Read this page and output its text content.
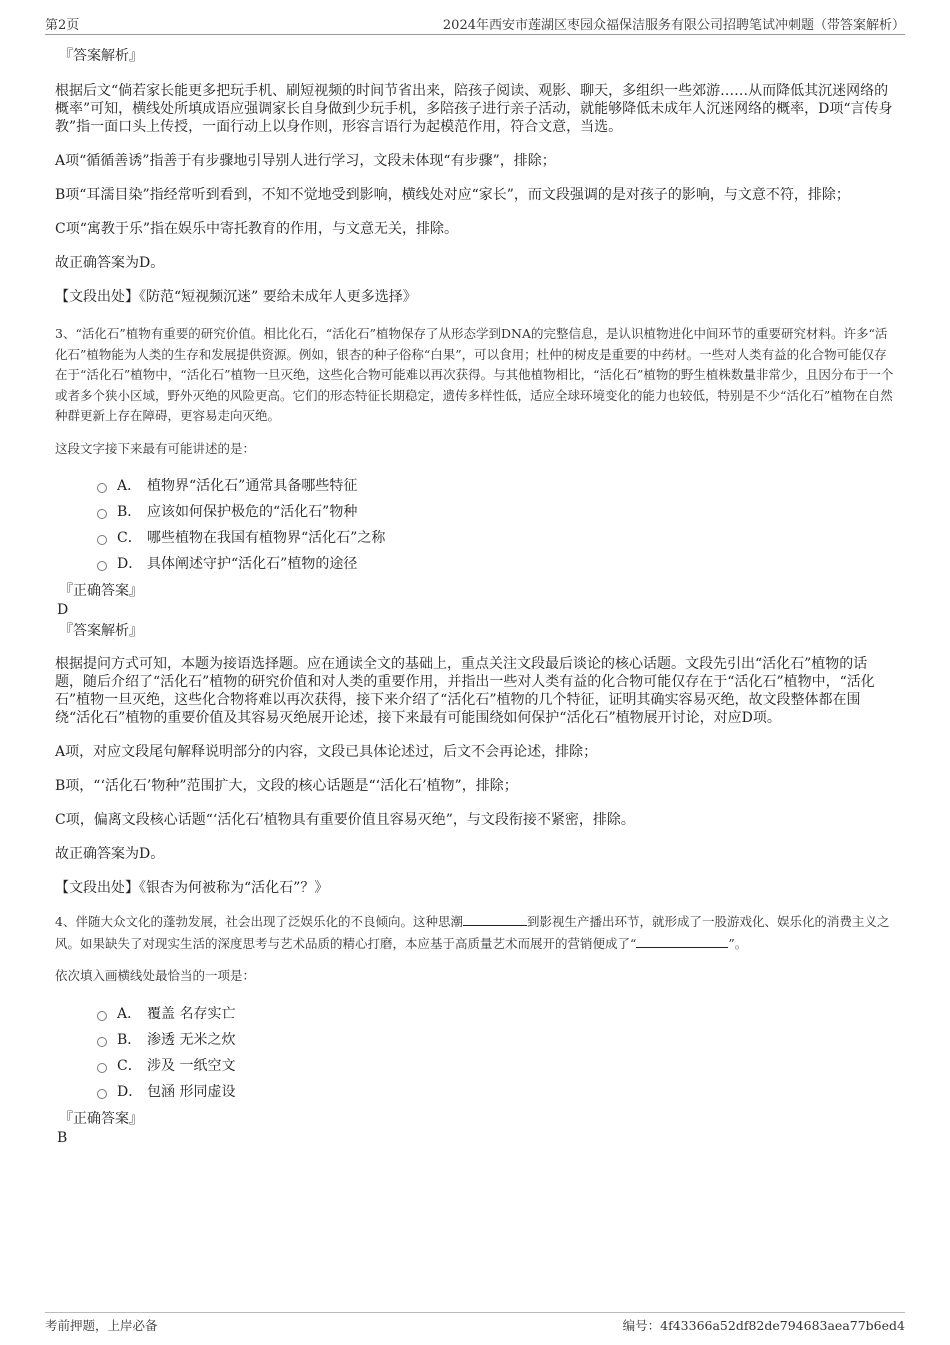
第2页	2024年西安市莲湖区枣园众福保洁服务有限公司招聘笔试冲刺题（带答案解析）
『答案解析』

根据后文“倘若家长能更多把玩手机、刷短视频的时间节省出来，陪孩子阅读、观影、聊天，多组织一些郊游……从而降低其沉迷网络的概率”可知，横线处所填成语应强调家长自身做到少玩手机，多陪孩子进行亲子活动，就能够降低未成年人沉迷网络的概率，D项“言传身教”指一面口头上传授，一面行动上以身作则，形容言语行为起模范作用，符合文意，当选。

A项“循循善诱”指善于有步骤地引导别人进行学习，文段未体现“有步骤”，排除；

B项“耳濡目染”指经常听到看到，不知不觉地受到影响，横线处对应“家长”，而文段强调的是对孩子的影响，与文意不符，排除；

C项“寓教于乐”指在娱乐中寄托教育的作用，与文意无关，排除。

故正确答案为D。

【文段出处】《防范“短视频沉迷” 要给未成年人更多选择》

3、“活化石”植物有重要的研究价值。相比化石，“活化石”植物保存了从形态学到DNA的完整信息，是认识植物进化中间环节的重要研究材料。许多“活化石”植物能为人类的生存和发展提供资源。例如，银杏的种子俗称“白果”，可以食用；杜仲的树皮是重要的中药材。一些对人类有益的化合物可能仅存在于“活化石”植物中，“活化石”植物一旦灭绝，这些化合物可能难以再次获得。与其他植物相比，“活化石”植物的野生植株数量非常少，且因分布于一个或者多个狭小区域，野外灭绝的风险更高。它们的形态特征长期稳定，遗传多样性低，适应全球环境变化的能力也较低，特别是不少“活化石”植物在自然种群更新上存在障碍，更容易走向灭绝。

这段文字接下来最有可能讲述的是：

A． 植物界“活化石”通常具备哪些特征
B． 应该如何保护极危的“活化石”物种
C． 哪些植物在我国有植物界“活化石”之称
D． 具体阐述守护“活化石”植物的途径
『正确答案』
D
『答案解析』

根据提问方式可知，本题为接语选择题。应在通读全文的基础上，重点关注文段最后谈论的核心话题。文段先引出“活化石”植物的话题，随后介绍了“活化石”植物的研究价值和对人类的重要作用，并指出一些对人类有益的化合物可能仅存在于“活化石”植物中，“活化石”植物一旦灭绝，这些化合物将难以再次获得，接下来介绍了“活化石”植物的几个特征，证明其确实容易灭绝，故文段整体都在围绕“活化石”植物的重要价值及其容易灭绝展开论述，接下来最有可能围绕如何保护“活化石”植物展开讨论，对应D项。

A项，对应文段尾句解释说明部分的内容，文段已具体论述过，后文不会再论述，排除；

B项，“‘活化石’物种”范围扩大，文段的核心话题是“‘活化石’植物”，排除；

C项，偏离文段核心话题“‘活化石’植物具有重要价值且容易灭绝”，与文段衔接不紧密，排除。

故正确答案为D。

【文段出处】《银杏为何被称为“活化石”？》

4、伴随大众文化的蓬勃发展，社会出现了泛娱乐化的不良倾向。这种思潮	到影视生产播出环节，就形成了一股游戏化、娱乐化的消费主义之风。如果缺失了对现实生活的深度思考与艺术品质的精心打磨，本应基于高质量艺术而展开的营销便成了“	”。

依次填入画横线处最恰当的一项是：

A． 覆盖 名存实亡
B． 渗透 无米之炊
C． 涉及 一纸空文
D． 包涵 形同虚设
『正确答案』
B
考前押题，上岸必备	编号：4f43366a52df82de794683aea77b6ed4
